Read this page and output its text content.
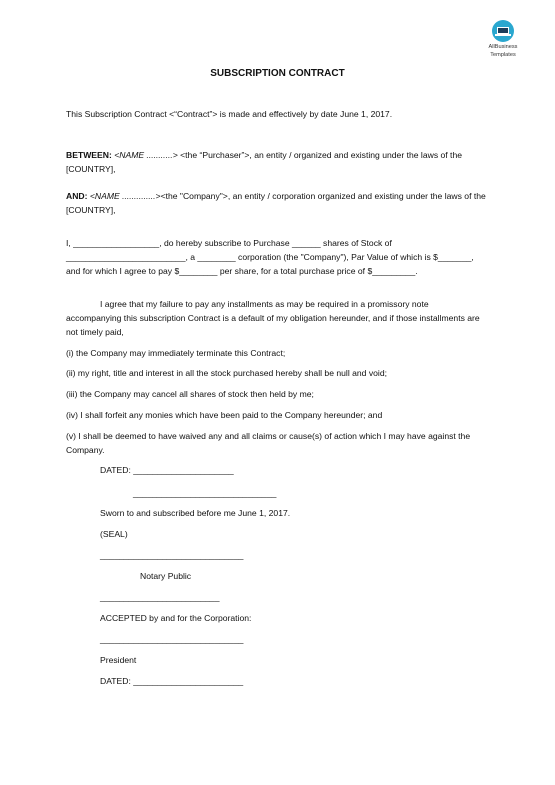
AllBusiness
Templates
SUBSCRIPTION CONTRACT

This Subscription Contract <“Contract”> is made and effectively by date June 1, 2017.

BETWEEN: <NAME ...........> <the “Purchaser”>, an entity / organized and existing under the laws of the [COUNTRY],

AND: <NAME ..............><the "Company">, an entity / corporation organized and existing under the laws of the [COUNTRY],

I, __________________, do hereby subscribe to Purchase ______ shares of Stock of _________________________, a ________ corporation (the "Company"), Par Value of which is $_______, and for which I agree to pay $________ per share, for a total purchase price of $_________.

I agree that my failure to pay any installments as may be required in a promissory note accompanying this subscription Contract is a default of my obligation hereunder, and if those installments are not timely paid,

(i) the Company may immediately terminate this Contract;

(ii) my right, title and interest in all the stock purchased hereby shall be null and void;

(iii) the Company may cancel all shares of stock then held by me;

(iv) I shall forfeit any monies which have been paid to the Company hereunder; and

(v) I shall be deemed to have waived any and all claims or cause(s) of action which I may have against the Company.

DATED: _____________________

______________________________

Sworn to and subscribed before me June 1, 2017.

(SEAL)

______________________________

Notary Public

_________________________

ACCEPTED by and for the Corporation:

______________________________

President

DATED: _______________________
